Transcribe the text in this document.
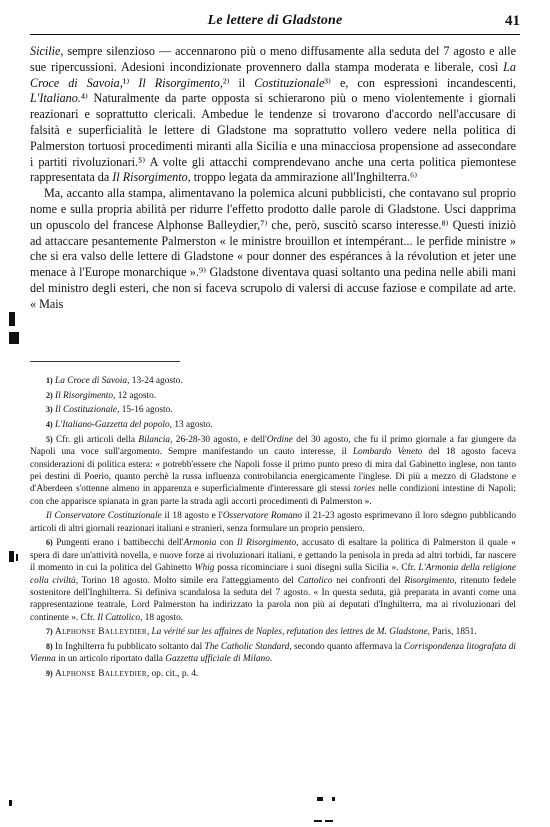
Le lettere di Gladstone	41

Sicilie, sempre silenzioso — accennarono più o meno diffusamente alla seduta del 7 agosto e alle sue ripercussioni. Adesioni incondizionate provennero dalla stampa moderata e liberale, così La Croce di Savoia,¹⁾ Il Risorgimento,²⁾ il Costituzionale³⁾ e, con espressioni incandescenti, L'Italiano.⁴⁾ Naturalmente da parte opposta si schierarono più o meno violentemente i giornali reazionari e soprattutto clericali. Ambedue le tendenze si trovarono d'accordo nell'accusare di falsità e superficialità le lettere di Gladstone ma soprattutto vollero vedere nella politica di Palmerston tortuosi procedimenti miranti alla Sicilia e una minacciosa propensione ad assecondare i partiti rivoluzionari.⁵⁾ A volte gli attacchi comprendevano anche una certa politica piemontese rappresentata da Il Risorgimento, troppo legata da ammirazione all'Inghilterra.⁶⁾

Ma, accanto alla stampa, alimentavano la polemica alcuni pubblicisti, che contavano sul proprio nome e sulla propria abilità per ridurre l'effetto prodotto dalle parole di Gladstone. Usci dapprima un opuscolo del francese Alphonse Balleydier,⁷⁾ che, però, suscitò scarso interesse.⁸⁾ Questi iniziò ad attaccare pesantemente Palmerston « le ministre brouillon et intempérant... le perfide ministre » che si era valso delle lettere di Gladstone « pour donner des espérances à la révolution et jeter une menace à l'Europe monarchique ».⁹⁾ Gladstone diventava quasi soltanto una pedina nelle abili mani del ministro degli esteri, che non si faceva scrupolo di valersi di accuse faziose e compilate ad arte. « Mais

1) La Croce di Savoia, 13-24 agosto.

2) Il Risorgimento, 12 agosto.

3) Il Costituzionale, 15-16 agosto.

4) L'Italiano-Gazzetta del popolo, 13 agosto.

5) Cfr. gli articoli della Bilancia, 26-28-30 agosto, e dell'Ordine del 30 agosto, che fu il primo giornale a far giungere da Napoli una voce sull'argomento. Sempre manifestando un cauto interesse, il Lombardo Veneto del 18 agosto faceva considerazioni di politica estera: « potrebb'essere che Napoli fosse il primo punto preso di mira dal Gabinetto inglese, non tanto pei destini di Poerio, quanto perchè la russa influenza controbilancia energicamente l'inglese. Di più a mezzo di Gladstone e d'Aberdeen s'ottenne almeno in apparenza e superficialmente d'interessare gli stessi tories nelle condizioni intestine di Napoli; con che apparisce spianata in gran parte la strada agli accorti procedimenti di Palmerston ».

Il Conservatore Costituzionale il 18 agosto e l'Osservatore Romano il 21-23 agosto esprimevano il loro sdegno pubblicando articoli di altri giornali reazionari italiani e stranieri, senza formulare un proprio pensiero.

6) Pungenti erano i battibecchi dell'Armonia con Il Risorgimento, accusato di esaltare la politica di Palmerston il quale « spera di dare un'attività novella, e nuove forze ai rivoluzionari italiani, e gettando la penisola in preda ad altri torbidi, far nascere il momento in cui la politica del Gabinetto Whig possa ricominciare i suoi disegni sulla Sicilia ». Cfr. L'Armonia della religione colla civiltà, Torino 18 agosto. Molto simile era l'atteggiamento del Cattolico nei confronti del Risorgimento, ritenuto fedele sostenitore dell'Inghilterra. Si definiva scandalosa la seduta del 7 agosto. « In questa seduta, già preparata in avanti come una rappresentazione teatrale, Lord Palmerston ha indirizzato la parola non più ai deputati d'Inghilterra, ma ai rivoluzionari del continente ». Cfr. Il Cattolico, 18 agosto.

7) Alphonse Balleydier, La vérité sur les affaires de Naples, refutation des lettres de M. Gladstone, Paris, 1851.

8) In Inghilterra fu pubblicato soltanto dal The Catholic Standard, secondo quanto affermava la Corrispondenza litografata di Vienna in un articolo riportato dalla Gazzetta ufficiale di Milano.

9) Alphonse Balleydier, op. cit., p. 4.
